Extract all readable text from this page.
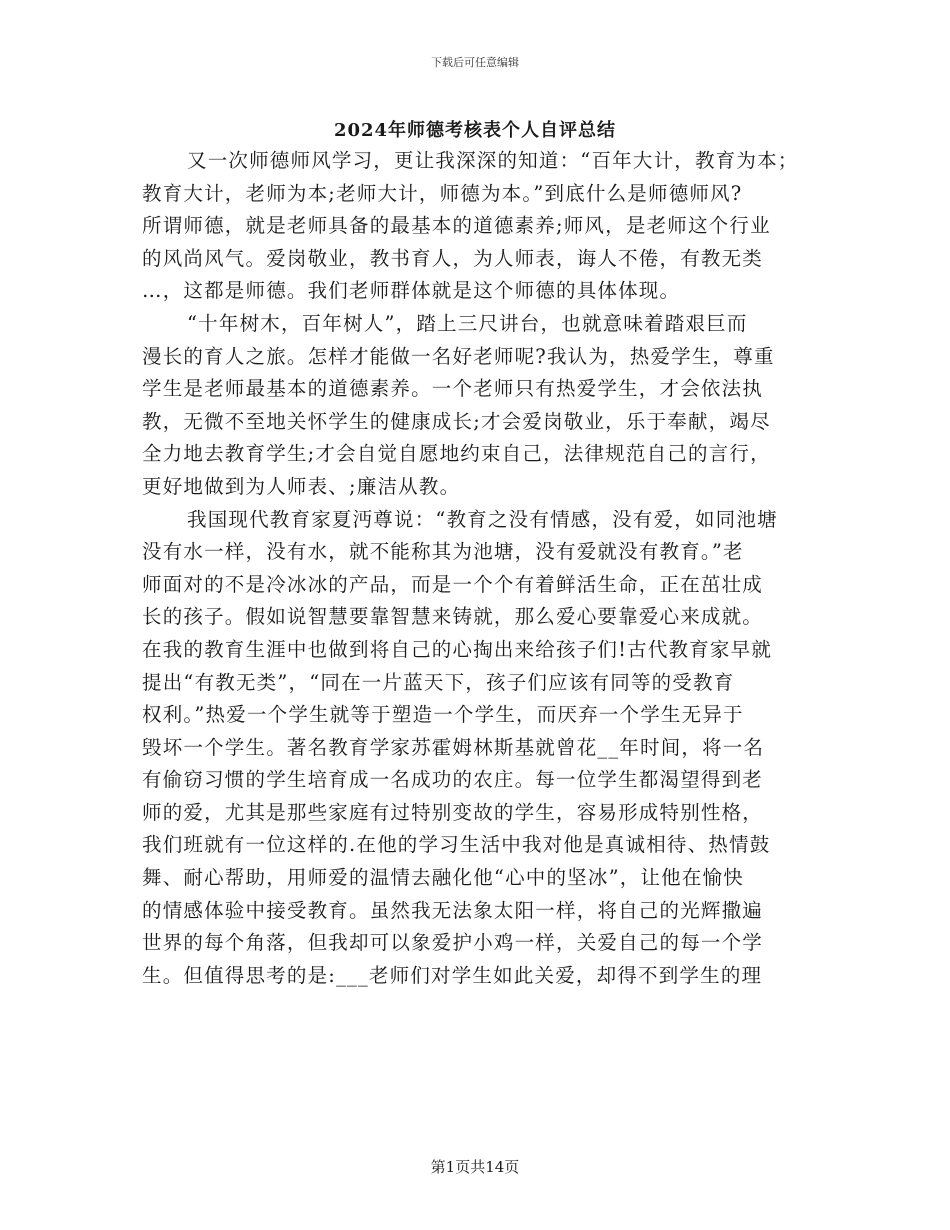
下载后可任意编辑
2024年师德考核表个人自评总结
又一次师德师风学习，更让我深深的知道：“百年大计，教育为本；
教育大计，老师为本;老师大计，师德为本。”到底什么是师德师风?
所谓师德，就是老师具备的最基本的道德素养;师风，是老师这个行业
的风尚风气。爱岗敬业，教书育人，为人师表，诲人不倦，有教无类
…，这都是师德。我们老师群体就是这个师德的具体体现。
“十年树木，百年树人”，踏上三尺讲台，也就意味着踏艰巨而
漫长的育人之旅。怎样才能做一名好老师呢?我认为，热爱学生，尊重
学生是老师最基本的道德素养。一个老师只有热爱学生，才会依法执
教，无微不至地关怀学生的健康成长;才会爱岗敬业，乐于奉献，竭尽
全力地去教育学生;才会自觉自愿地约束自己，法律规范自己的言行，
更好地做到为人师表、;廉洁从教。
我国现代教育家夏沔尊说：“教育之没有情感，没有爱，如同池塘
没有水一样，没有水，就不能称其为池塘，没有爱就没有教育。”老
师面对的不是冷冰冰的产品，而是一个个有着鲜活生命，正在茁壮成
长的孩子。假如说智慧要靠智慧来铸就，那么爱心要靠爱心来成就。
在我的教育生涯中也做到将自己的心掏出来给孩子们!古代教育家早就
提出“有教无类”，“同在一片蓝天下，孩子们应该有同等的受教育
权利。”热爱一个学生就等于塑造一个学生，而厌弃一个学生无异于
毁坏一个学生。著名教育学家苏霍姆林斯基就曾花__年时间，将一名
有偷窃习惯的学生培育成一名成功的农庄。每一位学生都渴望得到老
师的爱，尤其是那些家庭有过特别变故的学生，容易形成特别性格，
我们班就有一位这样的.在他的学习生活中我对他是真诚相待、热情鼓
舞、耐心帮助，用师爱的温情去融化他“心中的坚冰”，让他在愉快
的情感体验中接受教育。虽然我无法象太阳一样，将自己的光辉撒遍
世界的每个角落，但我却可以象爱护小鸡一样，关爱自己的每一个学
生。但值得思考的是:___老师们对学生如此关爱，却得不到学生的理
第1页共14页
